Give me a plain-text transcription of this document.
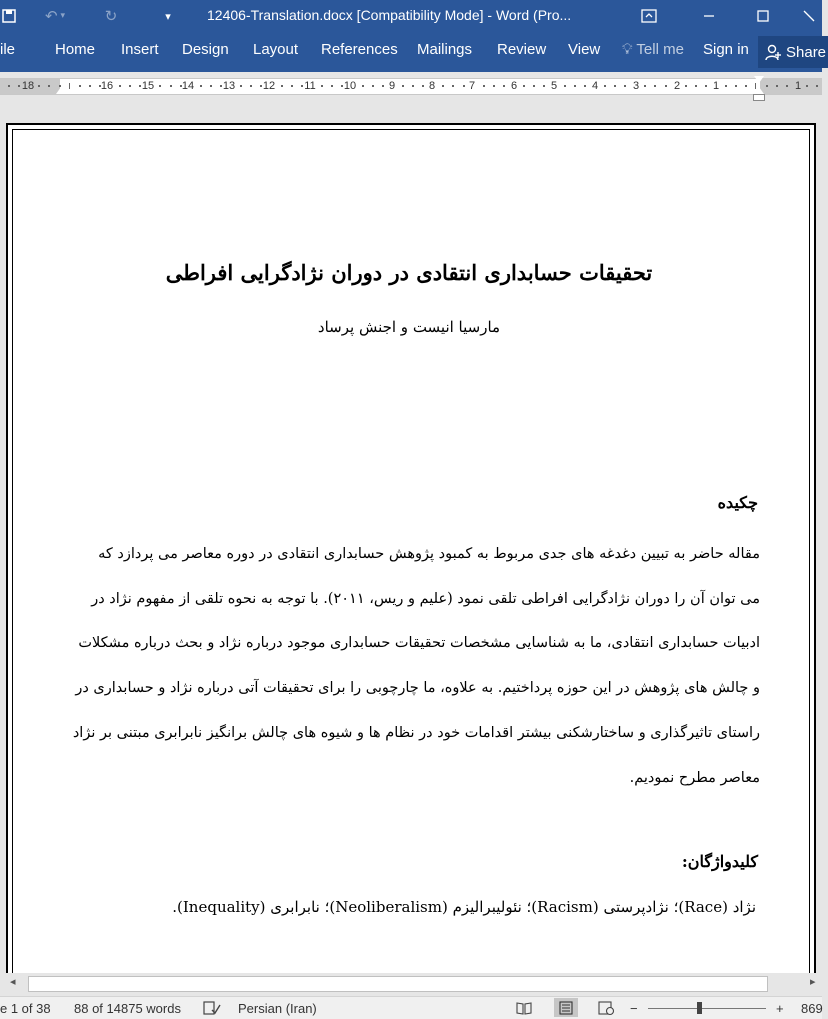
↶ ▾	↻	▾	12406-Translation.docx [Compatibility Mode] - Word (Pro...
ile	Home Insert Design Layout References Mailings Review View 💡︎ Tell me Sign in Share
18	16	15	14	13	12	11	10	9	8	7	6	5	4	3	2	1	1
تحقیقات حسابداری انتقادی در دوران نژادگرایی افراطی
مارسیا انیست و اجنش پرساد
چکیده
مقاله حاضر به تبیین دغدغه های جدی مربوط به کمبود پژوهش حسابداری انتقادی در دوره معاصر می پردازد که
می توان آن را دوران نژادگرایی افراطی تلقی نمود (علیم و ریس، ۲۰۱۱). با توجه به نحوه تلقی از مفهوم نژاد در
ادبیات حسابداری انتقادی، ما به شناسایی مشخصات تحقیقات حسابداری موجود درباره نژاد و بحث درباره مشکلات
و چالش های پژوهش در این حوزه پرداختیم. به علاوه، ما چارچوبی را برای تحقیقات آتی درباره نژاد و حسابداری در
راستای تاثیرگذاری و ساختارشکنی بیشتر اقدامات خود در نظام ها و شیوه های چالش برانگیز نابرابری مبتنی بر نژاد
معاصر مطرح نمودیم.
کلیدواژگان:
نژاد (Race)؛ نژادپرستی (Racism)؛ نئولیبرالیزم (Neoliberalism)؛ نابرابری (Inequality).
◂	▸
e 1 of 38 88 of 14875 words	Persian (Iran)	−	+ 869
